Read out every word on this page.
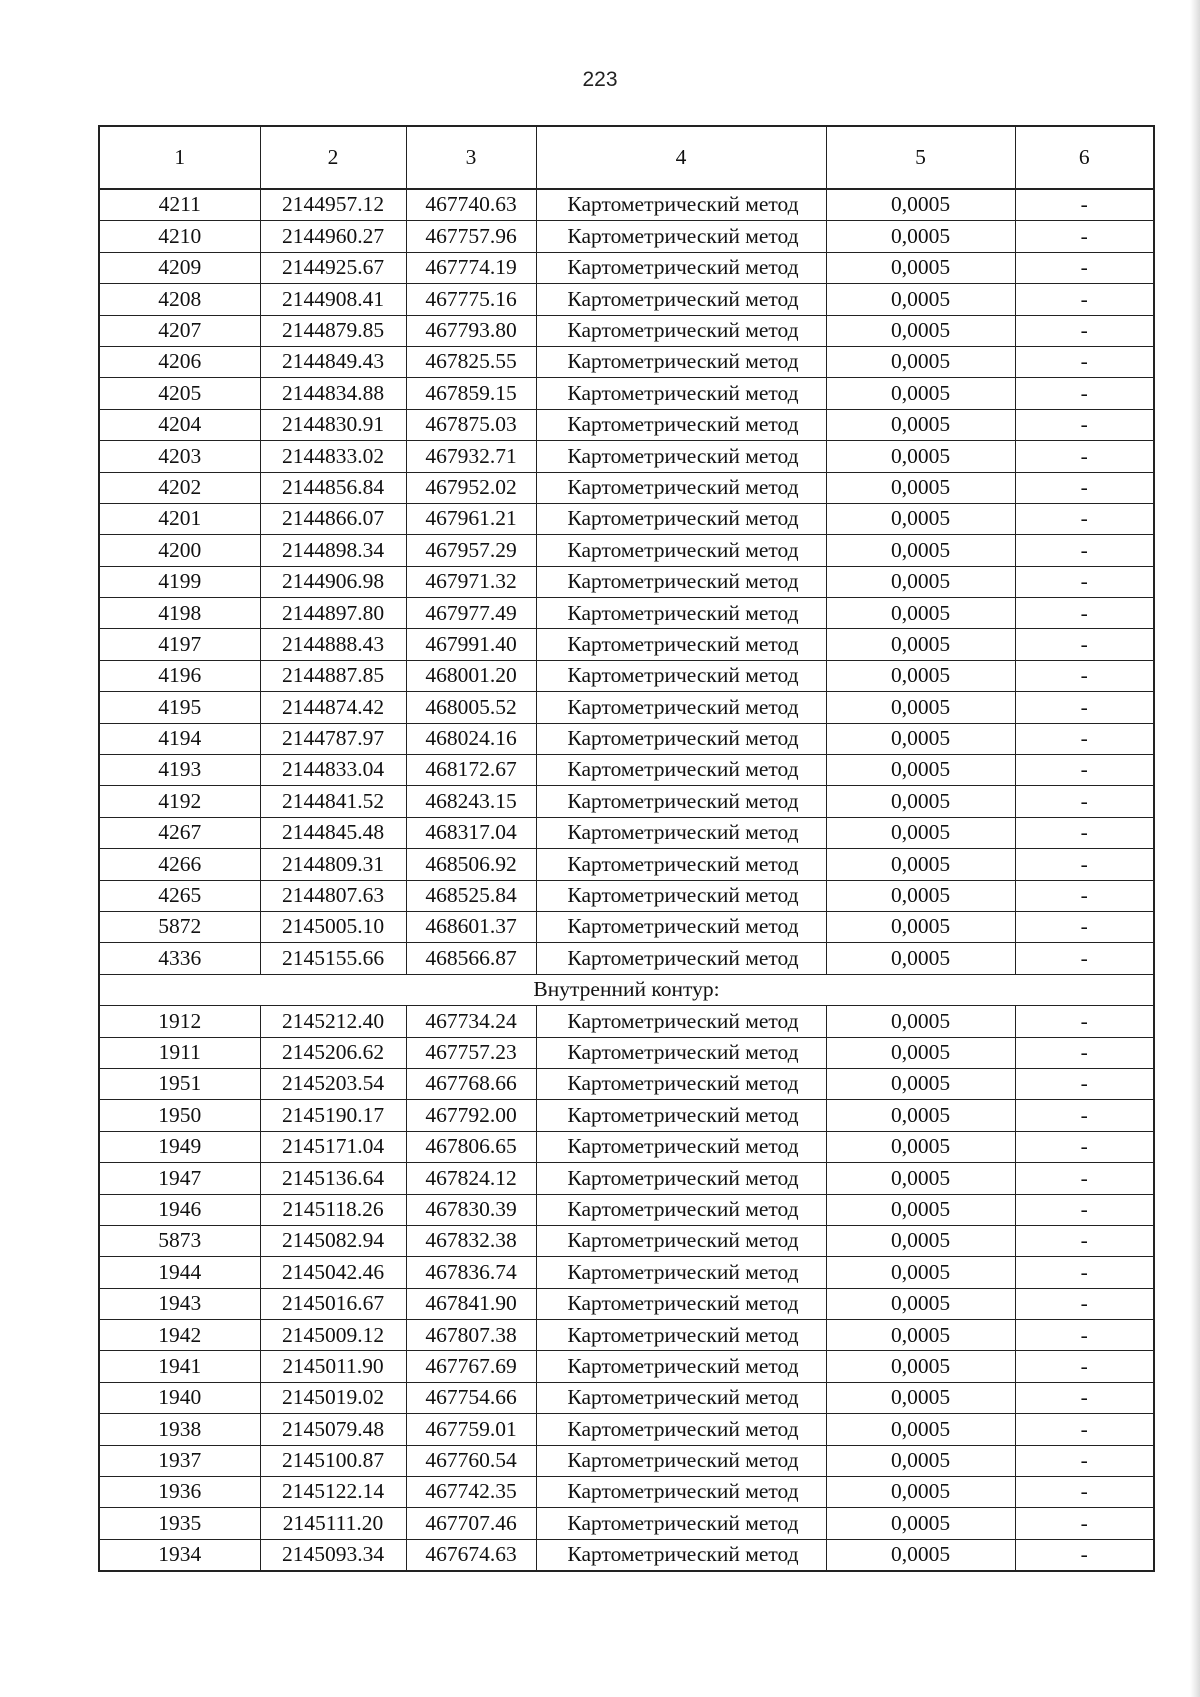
223
1	2	3	4	5	6
4211	2144957.12	467740.63	Картометрический метод	0,0005	-
4210	2144960.27	467757.96	Картометрический метод	0,0005	-
4209	2144925.67	467774.19	Картометрический метод	0,0005	-
4208	2144908.41	467775.16	Картометрический метод	0,0005	-
4207	2144879.85	467793.80	Картометрический метод	0,0005	-
4206	2144849.43	467825.55	Картометрический метод	0,0005	-
4205	2144834.88	467859.15	Картометрический метод	0,0005	-
4204	2144830.91	467875.03	Картометрический метод	0,0005	-
4203	2144833.02	467932.71	Картометрический метод	0,0005	-
4202	2144856.84	467952.02	Картометрический метод	0,0005	-
4201	2144866.07	467961.21	Картометрический метод	0,0005	-
4200	2144898.34	467957.29	Картометрический метод	0,0005	-
4199	2144906.98	467971.32	Картометрический метод	0,0005	-
4198	2144897.80	467977.49	Картометрический метод	0,0005	-
4197	2144888.43	467991.40	Картометрический метод	0,0005	-
4196	2144887.85	468001.20	Картометрический метод	0,0005	-
4195	2144874.42	468005.52	Картометрический метод	0,0005	-
4194	2144787.97	468024.16	Картометрический метод	0,0005	-
4193	2144833.04	468172.67	Картометрический метод	0,0005	-
4192	2144841.52	468243.15	Картометрический метод	0,0005	-
4267	2144845.48	468317.04	Картометрический метод	0,0005	-
4266	2144809.31	468506.92	Картометрический метод	0,0005	-
4265	2144807.63	468525.84	Картометрический метод	0,0005	-
5872	2145005.10	468601.37	Картометрический метод	0,0005	-
4336	2145155.66	468566.87	Картометрический метод	0,0005	-
Внутренний контур:					
1912	2145212.40	467734.24	Картометрический метод	0,0005	-
1911	2145206.62	467757.23	Картометрический метод	0,0005	-
1951	2145203.54	467768.66	Картометрический метод	0,0005	-
1950	2145190.17	467792.00	Картометрический метод	0,0005	-
1949	2145171.04	467806.65	Картометрический метод	0,0005	-
1947	2145136.64	467824.12	Картометрический метод	0,0005	-
1946	2145118.26	467830.39	Картометрический метод	0,0005	-
5873	2145082.94	467832.38	Картометрический метод	0,0005	-
1944	2145042.46	467836.74	Картометрический метод	0,0005	-
1943	2145016.67	467841.90	Картометрический метод	0,0005	-
1942	2145009.12	467807.38	Картометрический метод	0,0005	-
1941	2145011.90	467767.69	Картометрический метод	0,0005	-
1940	2145019.02	467754.66	Картометрический метод	0,0005	-
1938	2145079.48	467759.01	Картометрический метод	0,0005	-
1937	2145100.87	467760.54	Картометрический метод	0,0005	-
1936	2145122.14	467742.35	Картометрический метод	0,0005	-
1935	2145111.20	467707.46	Картометрический метод	0,0005	-
1934	2145093.34	467674.63	Картометрический метод	0,0005	-
